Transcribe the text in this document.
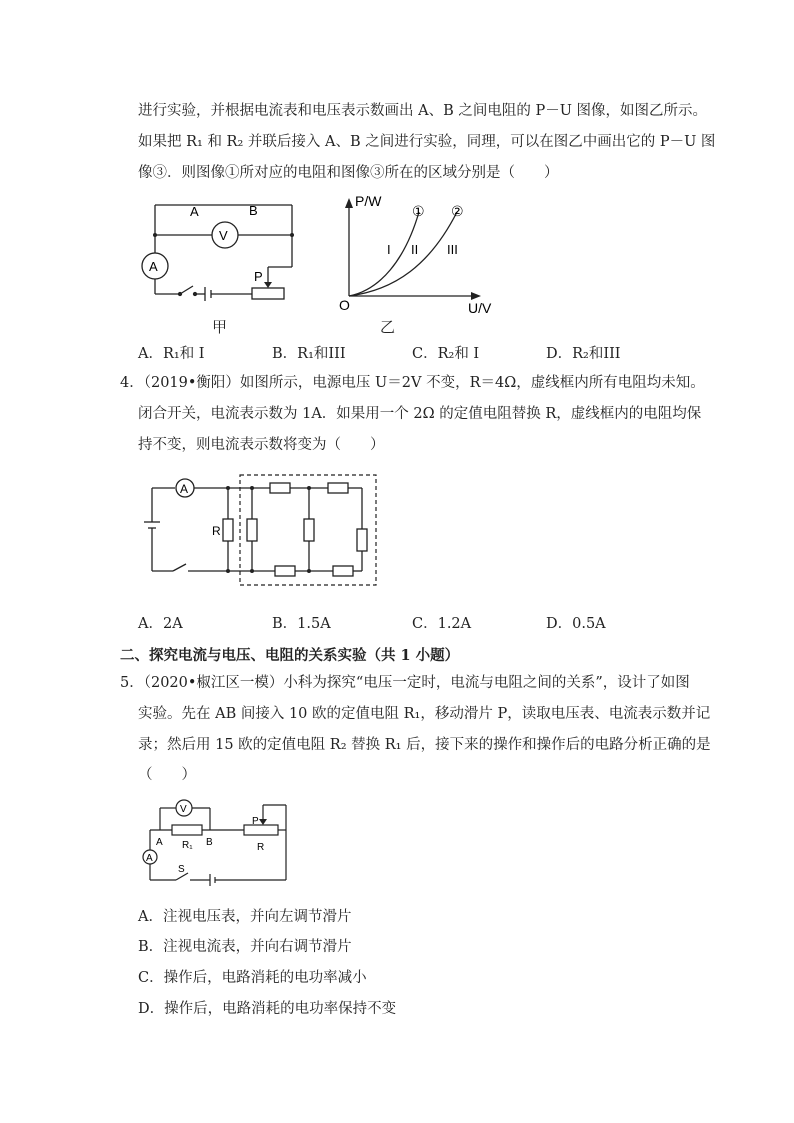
进行实验，并根据电流表和电压表示数画出 A、B 之间电阻的 P－U 图像，如图乙所示。
如果把 R₁ 和 R₂ 并联后接入 A、B 之间进行实验，同理，可以在图乙中画出它的 P－U 图
像③．则图像①所对应的电阻和图像③所在的区域分别是（　　）
A	B
V
A
P
甲
P/W
U/V
O
① ②
I II III
乙
A．R₁和 I	B．R₁和III	C．R₂和 I	D．R₂和III
4．（2019•衡阳）如图所示，电源电压 U＝2V 不变，R＝4Ω，虚线框内所有电阻均未知。
闭合开关，电流表示数为 1A．如果用一个 2Ω 的定值电阻替换 R，虚线框内的电阻均保
持不变，则电流表示数将变为（　　）
A
R
A．2A	B．1.5A	C．1.2A	D．0.5A
二、探究电流与电压、电阻的关系实验（共 1 小题）
5．（2020•椒江区一模）小科为探究“电压一定时，电流与电阻之间的关系”，设计了如图
实验。先在 AB 间接入 10 欧的定值电阻 R₁，移动滑片 P，读取电压表、电流表示数并记
录；然后用 15 欧的定值电阻 R₂ 替换 R₁ 后，接下来的操作和操作后的电路分析正确的是
（　　）
V
A
A	B
R₁	R
P
S
A．注视电压表，并向左调节滑片
B．注视电流表，并向右调节滑片
C．操作后，电路消耗的电功率减小
D．操作后，电路消耗的电功率保持不变
